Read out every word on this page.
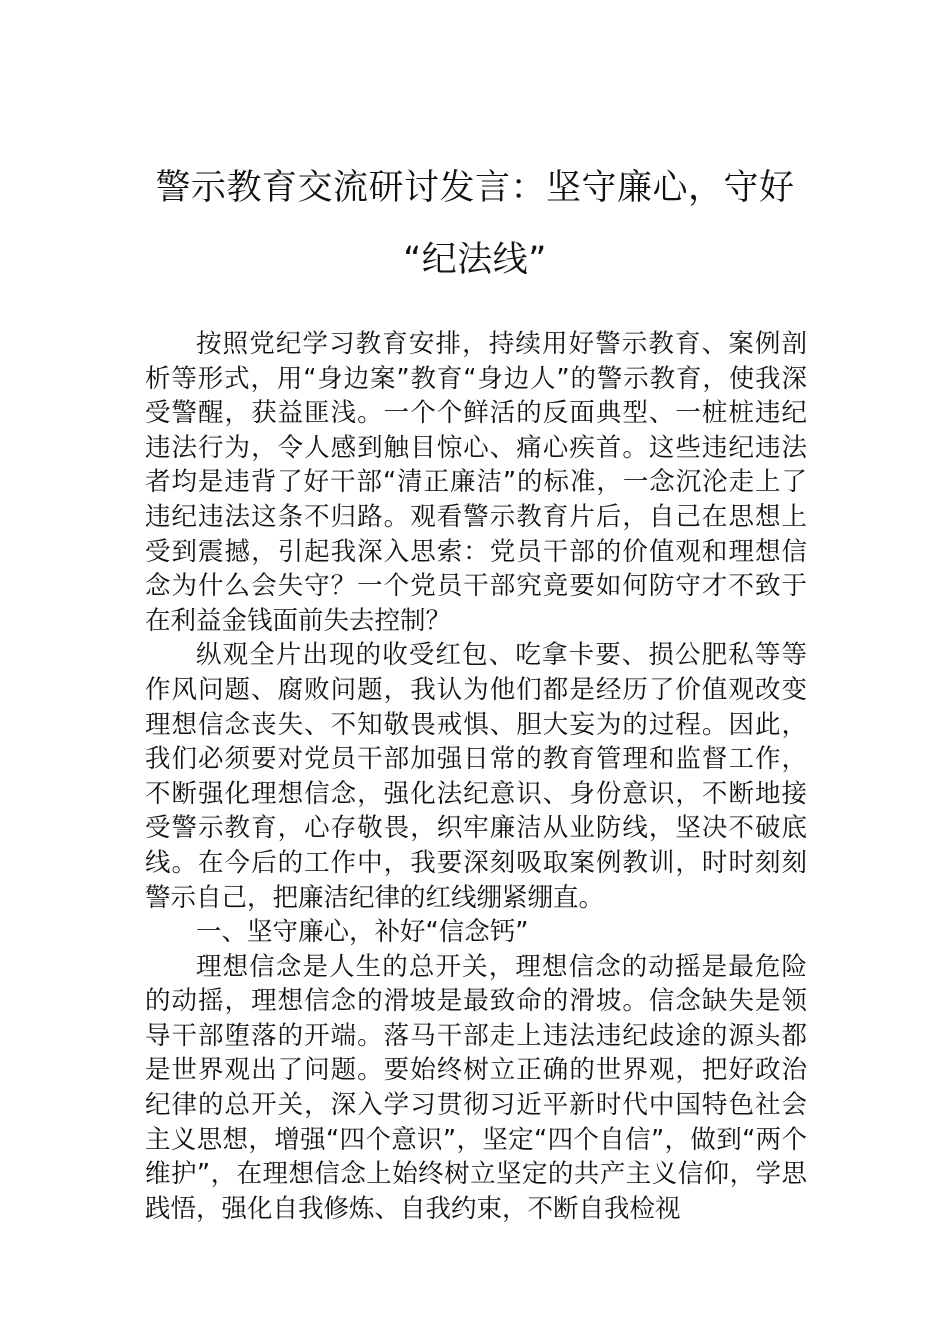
警示教育交流研讨发言：坚守廉心，守好
“纪法线”

按照党纪学习教育安排，持续用好警示教育、案例剖析等形式，用“身边案”教育“身边人”的警示教育，使我深受警醒，获益匪浅。一个个鲜活的反面典型、一桩桩违纪违法行为，令人感到触目惊心、痛心疾首。这些违纪违法者均是违背了好干部“清正廉洁”的标准，一念沉沦走上了违纪违法这条不归路。观看警示教育片后，自己在思想上受到震撼，引起我深入思索：党员干部的价值观和理想信念为什么会失守？一个党员干部究竟要如何防守才不致于在利益金钱面前失去控制？

纵观全片出现的收受红包、吃拿卡要、损公肥私等等作风问题、腐败问题，我认为他们都是经历了价值观改变理想信念丧失、不知敬畏戒惧、胆大妄为的过程。因此，我们必须要对党员干部加强日常的教育管理和监督工作，不断强化理想信念，强化法纪意识、身份意识，不断地接受警示教育，心存敬畏，织牢廉洁从业防线，坚决不破底线。在今后的工作中，我要深刻吸取案例教训，时时刻刻警示自己，把廉洁纪律的红线绷紧绷直。

一、坚守廉心，补好“信念钙”

理想信念是人生的总开关，理想信念的动摇是最危险的动摇，理想信念的滑坡是最致命的滑坡。信念缺失是领导干部堕落的开端。落马干部走上违法违纪歧途的源头都是世界观出了问题。要始终树立正确的世界观，把好政治纪律的总开关，深入学习贯彻习近平新时代中国特色社会主义思想，增强“四个意识”，坚定“四个自信”，做到“两个维护”，在理想信念上始终树立坚定的共产主义信仰，学思践悟，强化自我修炼、自我约束，不断自我检视
